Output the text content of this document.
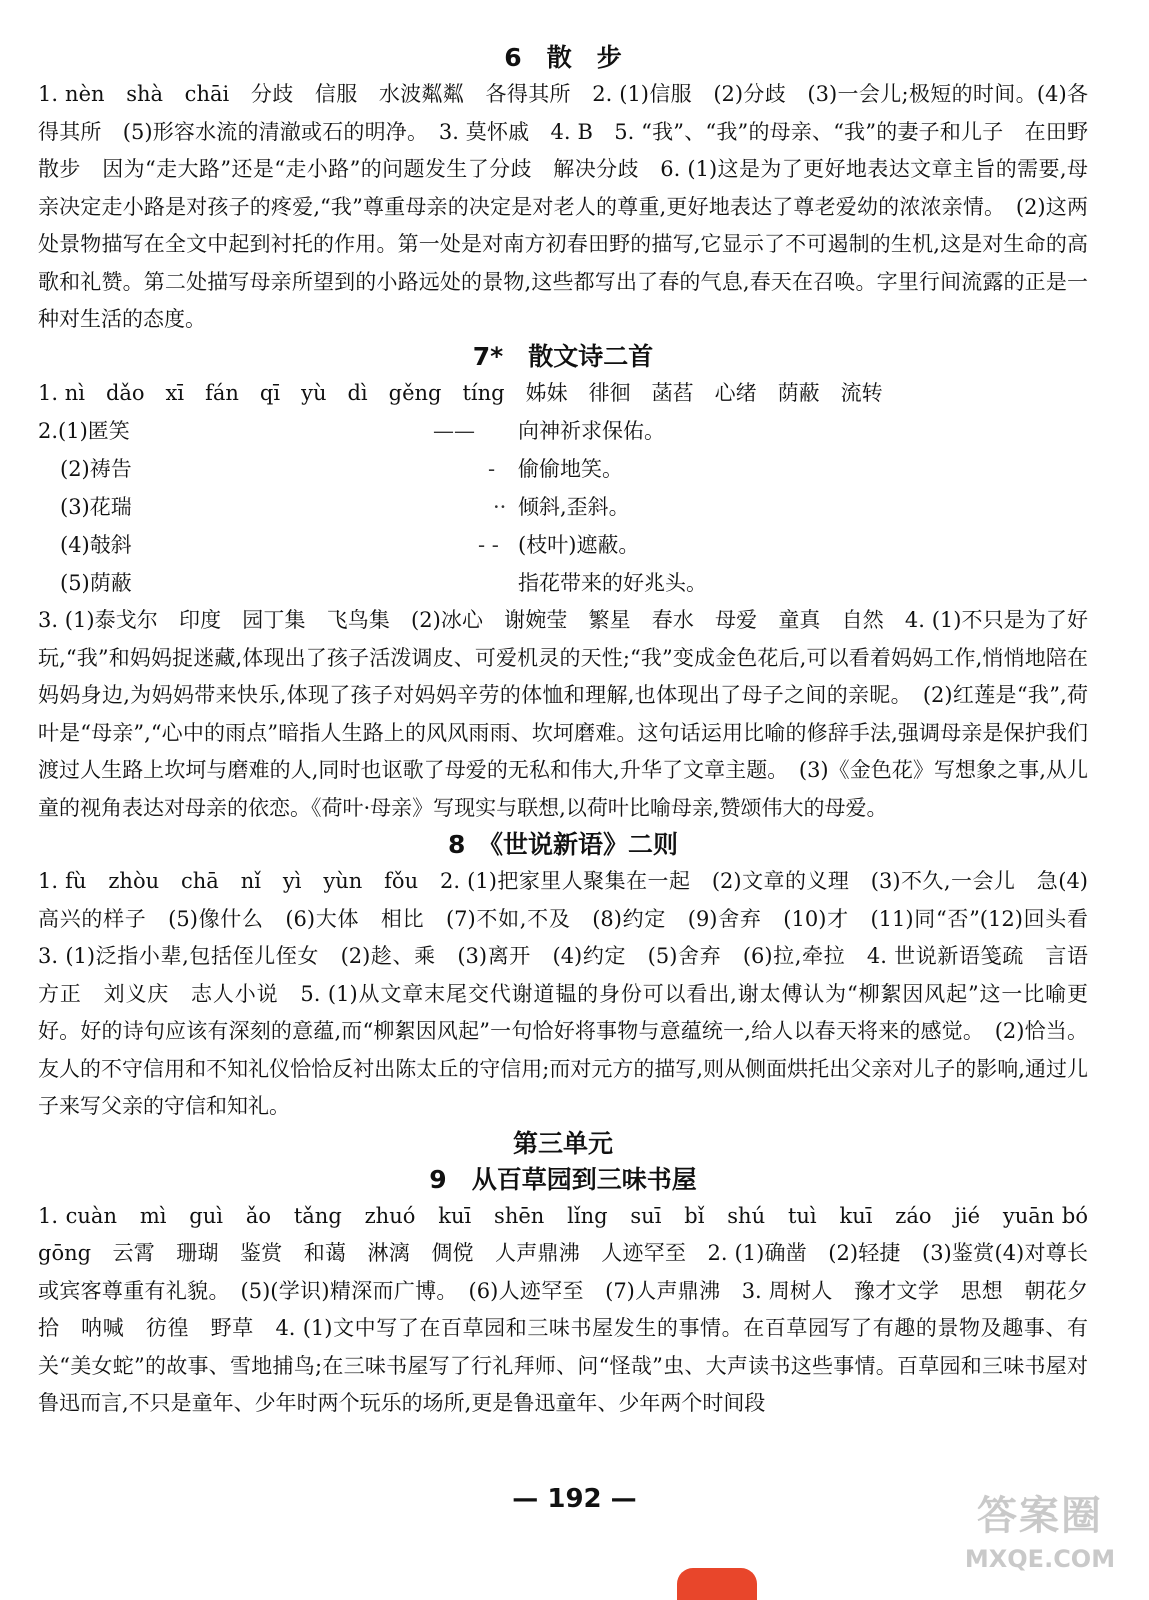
6　散　步

1. nèn　shà　chāi　分歧　信服　水波粼粼　各得其所　2. (1)信服　(2)分歧　(3)一会儿;极短的时间。(4)各得其所　(5)形容水流的清澈或石的明净。　3. 莫怀戚　4. B　5. “我”、“我”的母亲、“我”的妻子和儿子　在田野散步　因为“走大路”还是“走小路”的问题发生了分歧　解决分歧　6. (1)这是为了更好地表达文章主旨的需要,母亲决定走小路是对孩子的疼爱,“我”尊重母亲的决定是对老人的尊重,更好地表达了尊老爱幼的浓浓亲情。　(2)这两处景物描写在全文中起到衬托的作用。第一处是对南方初春田野的描写,它显示了不可遏制的生机,这是对生命的高歌和礼赞。第二处描写母亲所望到的小路远处的景物,这些都写出了春的气息,春天在召唤。字里行间流露的正是一种对生活的态度。

7*　散文诗二首

1. nì　dǎo　xī　fán　qī　yù　dì　gěng　tíng　姊妹　徘徊　菡萏　心绪　荫蔽　流转

2.(1)匿笑	—— 向神祈求保佑。
(2)祷告	- 偷偷地笑。
(3)花瑞	·· 倾斜,歪斜。
(4)攲斜	- - (枝叶)遮蔽。
(5)荫蔽	指花带来的好兆头。

3. (1)泰戈尔　印度　园丁集　飞鸟集　(2)冰心　谢婉莹　繁星　春水　母爱　童真　自然　4. (1)不只是为了好玩,“我”和妈妈捉迷藏,体现出了孩子活泼调皮、可爱机灵的天性;“我”变成金色花后,可以看着妈妈工作,悄悄地陪在妈妈身边,为妈妈带来快乐,体现了孩子对妈妈辛劳的体恤和理解,也体现出了母子之间的亲昵。　(2)红莲是“我”,荷叶是“母亲”,“心中的雨点”暗指人生路上的风风雨雨、坎坷磨难。这句话运用比喻的修辞手法,强调母亲是保护我们渡过人生路上坎坷与磨难的人,同时也讴歌了母爱的无私和伟大,升华了文章主题。　(3)《金色花》写想象之事,从儿童的视角表达对母亲的依恋。《荷叶·母亲》写现实与联想,以荷叶比喻母亲,赞颂伟大的母爱。

8　《世说新语》二则

1. fù　zhòu　chā　nǐ　yì　yùn　fǒu　2. (1)把家里人聚集在一起　(2)文章的义理　(3)不久,一会儿　急(4)高兴的样子　(5)像什么　(6)大体　相比　(7)不如,不及　(8)约定　(9)舍弃　(10)才　(11)同“否”(12)回头看　3. (1)泛指小辈,包括侄儿侄女　(2)趁、乘　(3)离开　(4)约定　(5)舍弃　(6)拉,牵拉　4. 世说新语笺疏　言语　方正　刘义庆　志人小说　5. (1)从文章末尾交代谢道韫的身份可以看出,谢太傅认为“柳絮因风起”这一比喻更好。好的诗句应该有深刻的意蕴,而“柳絮因风起”一句恰好将事物与意蕴统一,给人以春天将来的感觉。　(2)恰当。友人的不守信用和不知礼仪恰恰反衬出陈太丘的守信用;而对元方的描写,则从侧面烘托出父亲对儿子的影响,通过儿子来写父亲的守信和知礼。

第三单元
9　从百草园到三味书屋

1. cuàn　mì　guì　ǎo　tǎng　zhuó　kuī　shēn　lǐng　suī　bǐ　shú　tuì　kuī　záo　jié　yuān bó gōng　云霄　珊瑚　鉴赏　和蔼　淋漓　倜傥　人声鼎沸　人迹罕至　2. (1)确凿　(2)轻捷　(3)鉴赏(4)对尊长或宾客尊重有礼貌。　(5)(学识)精深而广博。　(6)人迹罕至　(7)人声鼎沸　3. 周树人　豫才文学　思想　朝花夕拾　呐喊　彷徨　野草　4. (1)文中写了在百草园和三味书屋发生的事情。在百草园写了有趣的景物及趣事、有关“美女蛇”的故事、雪地捕鸟;在三味书屋写了行礼拜师、问“怪哉”虫、大声读书这些事情。百草园和三味书屋对鲁迅而言,不只是童年、少年时两个玩乐的场所,更是鲁迅童年、少年两个时间段

— 192 —	答案圈
MXQE.COM
